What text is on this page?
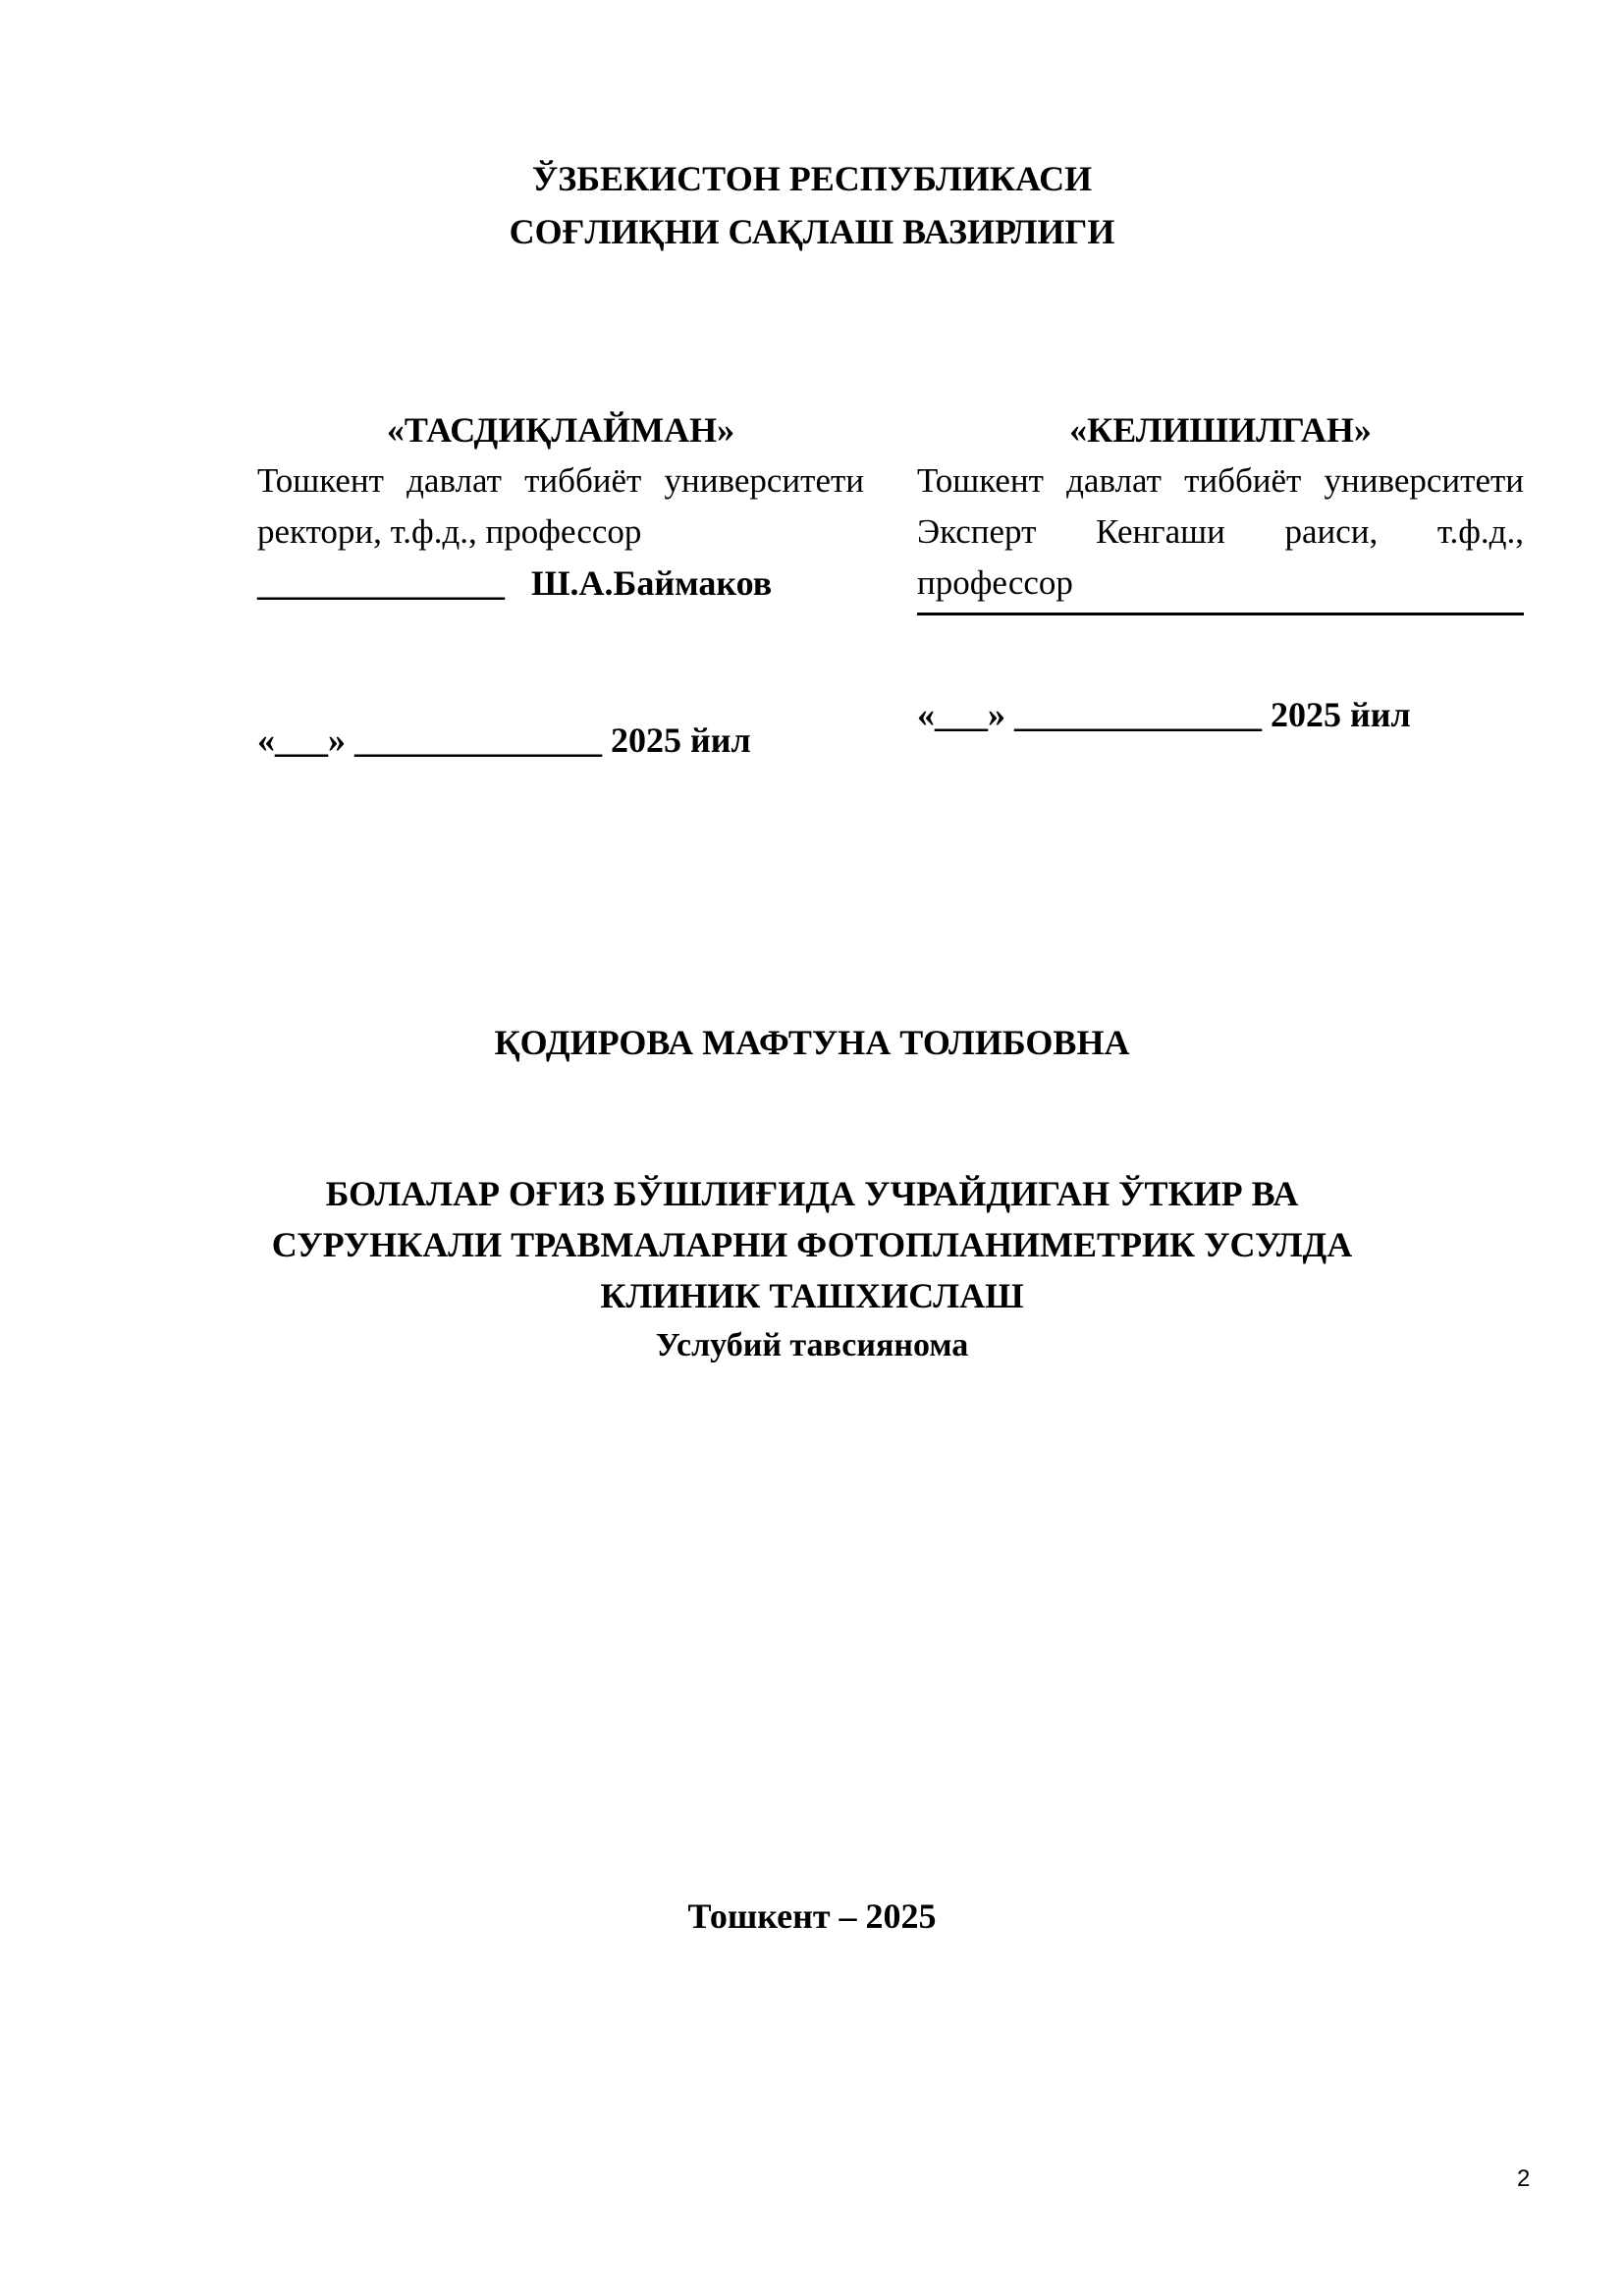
ЎЗБЕКИСТОН РЕСПУБЛИКАСИ
СОҒЛИҚНИ САҚЛАШ ВАЗИРЛИГИ
«ТАСДИҚЛАЙМАН»
Тошкент давлат тиббиёт университети ректори, т.ф.д., профессор
______________ Ш.А.Баймаков
«___» ______________ 2025 йил
«КЕЛИШИЛГАН»
Тошкент давлат тиббиёт университети Эксперт Кенгаши раиси, т.ф.д., профессор
«___» ______________ 2025 йил
ҚОДИРОВА МАФТУНА ТОЛИБОВНА
БОЛАЛАР ОҒИЗ БЎШЛИҒИДА УЧРАЙДИГАН ЎТКИР ВА
СУРУНКАЛИ ТРАВМАЛАРНИ ФОТОПЛАНИМЕТРИК УСУЛДА
КЛИНИК ТАШХИСЛАШ
Услубий тавсиянома
Тошкент – 2025
2
